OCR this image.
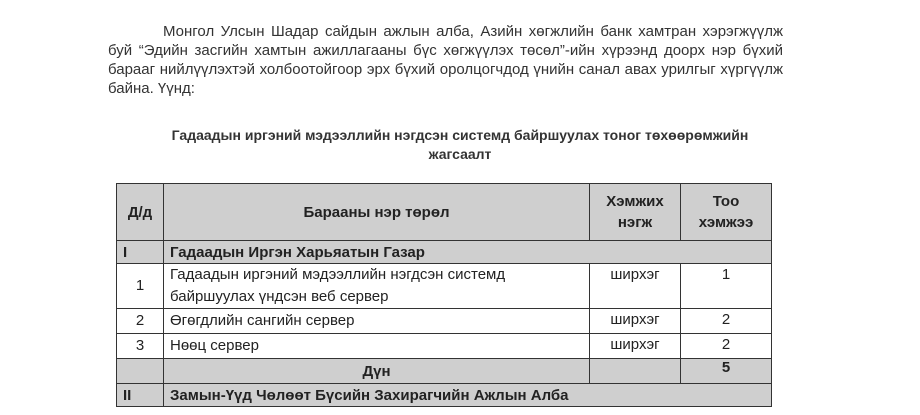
Монгол Улсын Шадар сайдын ажлын алба, Азийн хөгжлийн банк хамтран хэрэгжүүлж буй “Эдийн засгийн хамтын ажиллагааны бүс хөгжүүлэх төсөл”-ийн хүрээнд доорх нэр бүхий барааг нийлүүлэхтэй холбоотойгоор эрх бүхий оролцогчдод үнийн санал авах урилгыг хүргүүлж байна. Үүнд:

Гадаадын иргэний мэдээллийн нэгдсэн системд байршуулах тоног төхөөрөмжийн жагсаалт

Д/д	Барааны нэр төрөл	Хэмжих нэгж	Тоо хэмжээ
I	Гадаадын Иргэн Харьяатын Газар		
1	Гадаадын иргэний мэдээллийн нэгдсэн системд байршуулах үндсэн веб сервер	ширхэг	1
2	Өгөгдлийн сангийн сервер	ширхэг	2
3	Нөөц сервер	ширхэг	2
	Дүн		5
II	Замын-Үүд Чөлөөт Бүсийн Захирагчийн Ажлын Алба		
